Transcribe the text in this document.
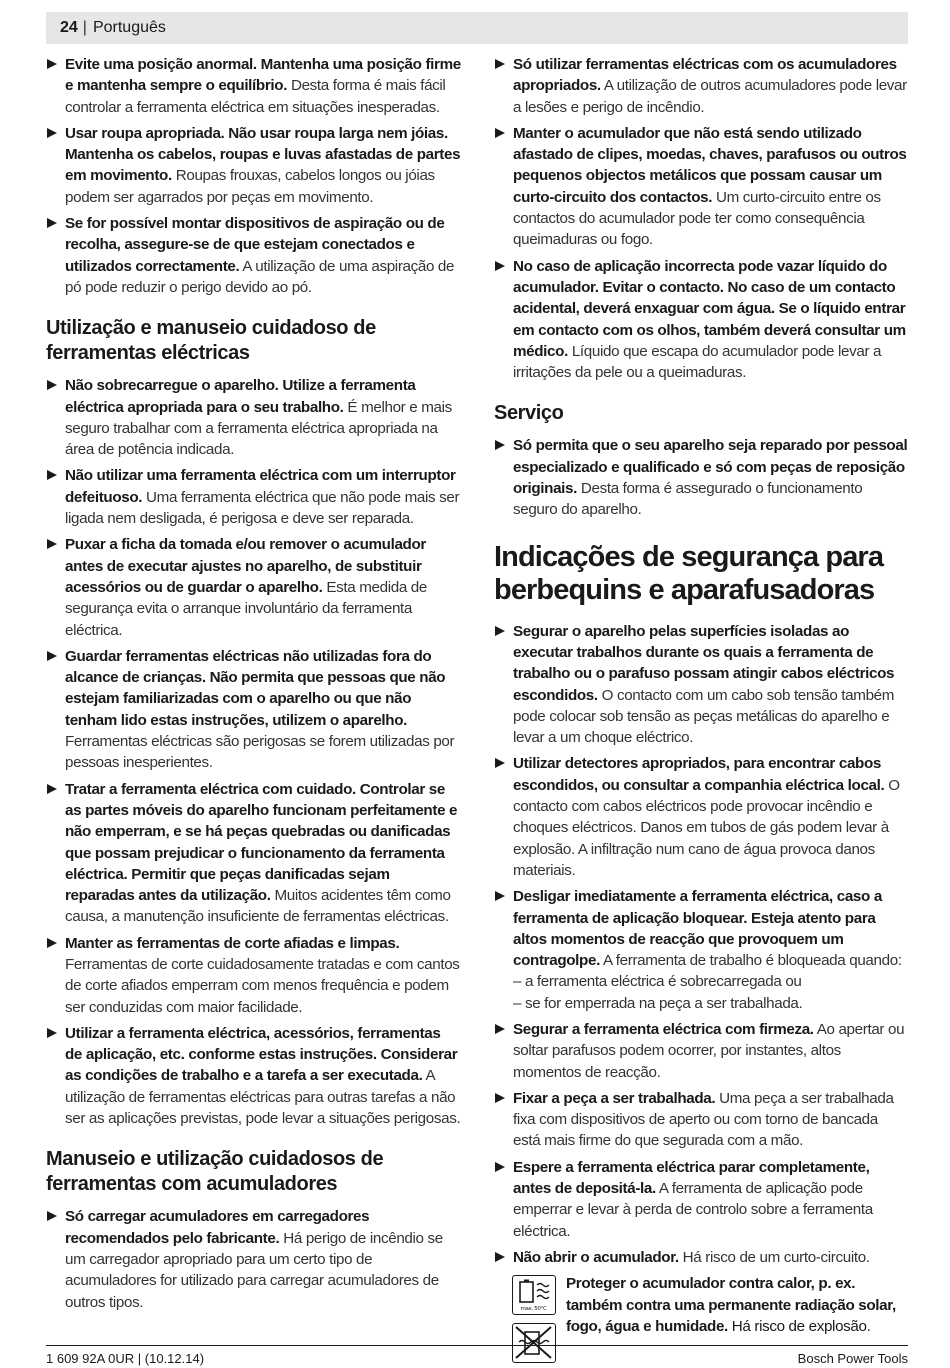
24 | Português
Evite uma posição anormal. Mantenha uma posição firme e mantenha sempre o equilíbrio. Desta forma é mais fácil controlar a ferramenta eléctrica em situações inesperadas.
Usar roupa apropriada. Não usar roupa larga nem jóias. Mantenha os cabelos, roupas e luvas afastadas de partes em movimento. Roupas frouxas, cabelos longos ou jóias podem ser agarrados por peças em movimento.
Se for possível montar dispositivos de aspiração ou de recolha, assegure-se de que estejam conectados e utilizados correctamente. A utilização de uma aspiração de pó pode reduzir o perigo devido ao pó.
Utilização e manuseio cuidadoso de ferramentas eléctricas
Não sobrecarregue o aparelho. Utilize a ferramenta eléctrica apropriada para o seu trabalho. É melhor e mais seguro trabalhar com a ferramenta eléctrica apropriada na área de potência indicada.
Não utilizar uma ferramenta eléctrica com um interruptor defeituoso. Uma ferramenta eléctrica que não pode mais ser ligada nem desligada, é perigosa e deve ser reparada.
Puxar a ficha da tomada e/ou remover o acumulador antes de executar ajustes no aparelho, de substituir acessórios ou de guardar o aparelho. Esta medida de segurança evita o arranque involuntário da ferramenta eléctrica.
Guardar ferramentas eléctricas não utilizadas fora do alcance de crianças. Não permita que pessoas que não estejam familiarizadas com o aparelho ou que não tenham lido estas instruções, utilizem o aparelho. Ferramentas eléctricas são perigosas se forem utilizadas por pessoas inesperientes.
Tratar a ferramenta eléctrica com cuidado. Controlar se as partes móveis do aparelho funcionam perfeitamente e não emperram, e se há peças quebradas ou danificadas que possam prejudicar o funcionamento da ferramenta eléctrica. Permitir que peças danificadas sejam reparadas antes da utilização. Muitos acidentes têm como causa, a manutenção insuficiente de ferramentas eléctricas.
Manter as ferramentas de corte afiadas e limpas. Ferramentas de corte cuidadosamente tratadas e com cantos de corte afiados emperram com menos frequência e podem ser conduzidas com maior facilidade.
Utilizar a ferramenta eléctrica, acessórios, ferramentas de aplicação, etc. conforme estas instruções. Considerar as condições de trabalho e a tarefa a ser executada. A utilização de ferramentas eléctricas para outras tarefas a não ser as aplicações previstas, pode levar a situações perigosas.
Manuseio e utilização cuidadosos de ferramentas com acumuladores
Só carregar acumuladores em carregadores recomendados pelo fabricante. Há perigo de incêndio se um carregador apropriado para um certo tipo de acumuladores for utilizado para carregar acumuladores de outros tipos.
Só utilizar ferramentas eléctricas com os acumuladores apropriados. A utilização de outros acumuladores pode levar a lesões e perigo de incêndio.
Manter o acumulador que não está sendo utilizado afastado de clipes, moedas, chaves, parafusos ou outros pequenos objectos metálicos que possam causar um curto-circuito dos contactos. Um curto-circuito entre os contactos do acumulador pode ter como consequência queimaduras ou fogo.
No caso de aplicação incorrecta pode vazar líquido do acumulador. Evitar o contacto. No caso de um contacto acidental, deverá enxaguar com água. Se o líquido entrar em contacto com os olhos, também deverá consultar um médico. Líquido que escapa do acumulador pode levar a irritações da pele ou a queimaduras.
Serviço
Só permita que o seu aparelho seja reparado por pessoal especializado e qualificado e só com peças de reposição originais. Desta forma é assegurado o funcionamento seguro do aparelho.
Indicações de segurança para berbequins e aparafusadoras
Segurar o aparelho pelas superfícies isoladas ao executar trabalhos durante os quais a ferramenta de trabalho ou o parafuso possam atingir cabos eléctricos escondidos. O contacto com um cabo sob tensão também pode colocar sob tensão as peças metálicas do aparelho e levar a um choque eléctrico.
Utilizar detectores apropriados, para encontrar cabos escondidos, ou consultar a companhia eléctrica local. O contacto com cabos eléctricos pode provocar incêndio e choques eléctricos. Danos em tubos de gás podem levar à explosão. A infiltração num cano de água provoca danos materiais.
Desligar imediatamente a ferramenta eléctrica, caso a ferramenta de aplicação bloquear. Esteja atento para altos momentos de reacção que provoquem um contragolpe. A ferramenta de trabalho é bloqueada quando:
– a ferramenta eléctrica é sobrecarregada ou
– se for emperrada na peça a ser trabalhada.
Segurar a ferramenta eléctrica com firmeza. Ao apertar ou soltar parafusos podem ocorrer, por instantes, altos momentos de reacção.
Fixar a peça a ser trabalhada. Uma peça a ser trabalhada fixa com dispositivos de aperto ou com torno de bancada está mais firme do que segurada com a mão.
Espere a ferramenta eléctrica parar completamente, antes de depositá-la. A ferramenta de aplicação pode emperrar e levar à perda de controlo sobre a ferramenta eléctrica.
Não abrir o acumulador. Há risco de um curto-circuito.
max. 50°C
Proteger o acumulador contra calor, p. ex. também contra uma permanente radiação solar, fogo, água e humidade. Há risco de explosão.
1 609 92A 0UR | (10.12.14)	Bosch Power Tools
